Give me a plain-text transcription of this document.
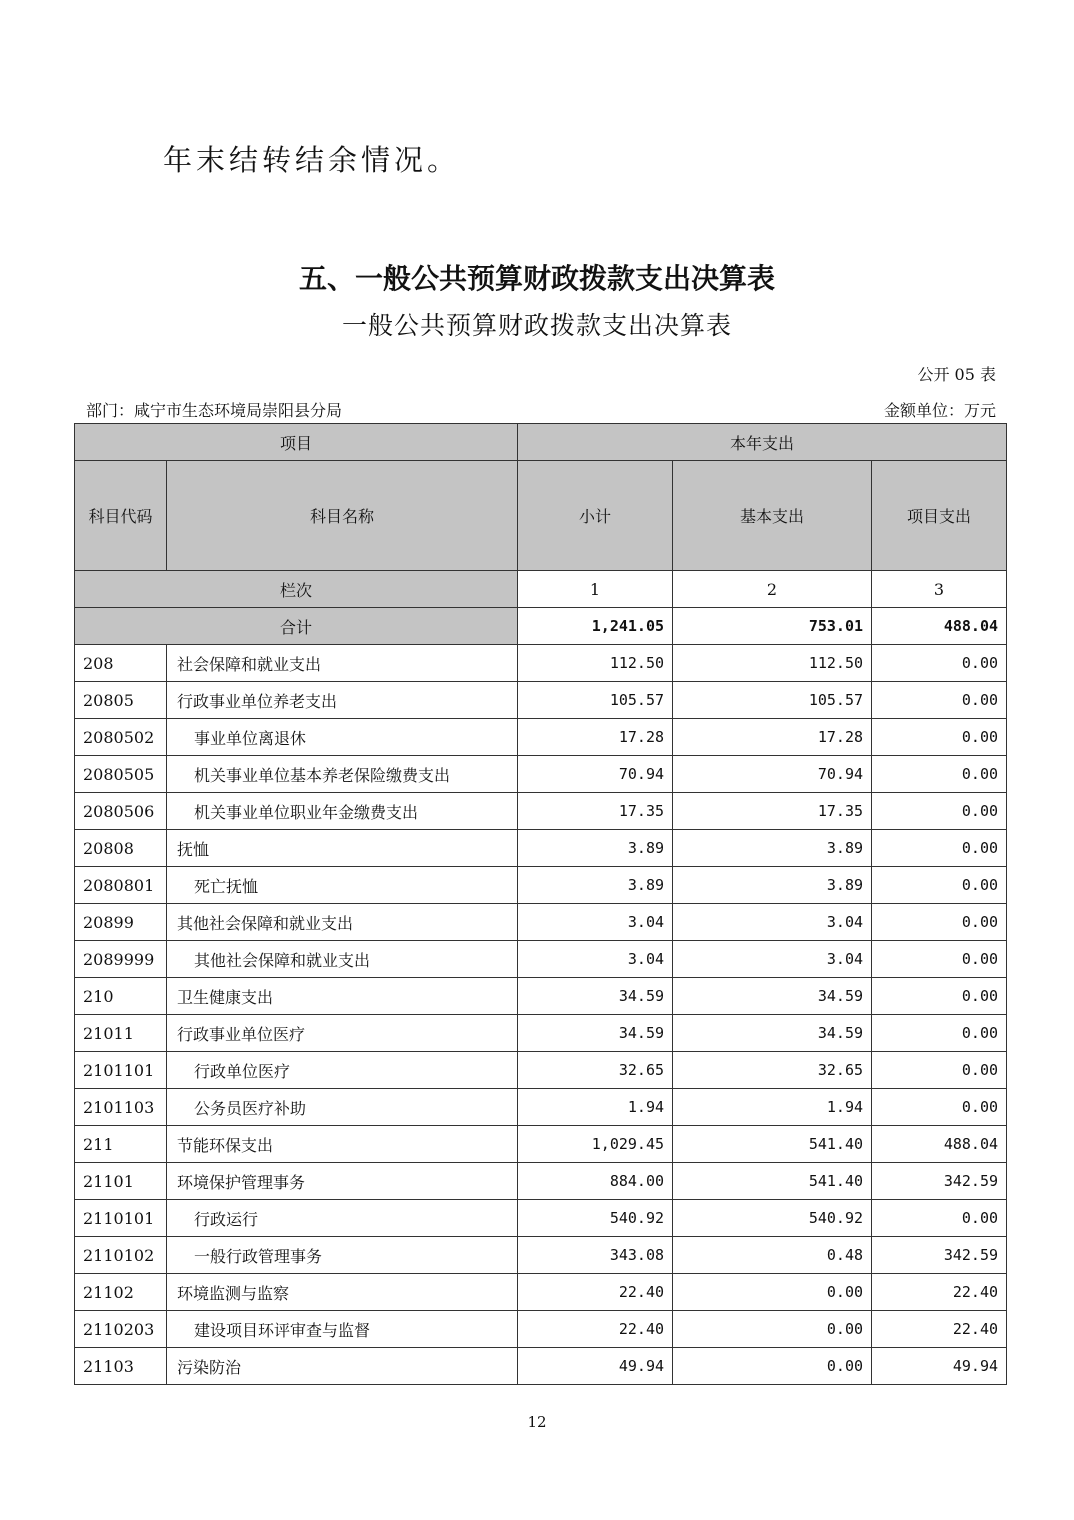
年末结转结余情况。
五、一般公共预算财政拨款支出决算表
一般公共预算财政拨款支出决算表
公开 05 表
部门：咸宁市生态环境局崇阳县分局	金额单位：万元
项目		本年支出		
科目代码	科目名称	小计	基本支出	项目支出
栏次		1	2	3
合计		1,241.05	753.01	488.04
208	社会保障和就业支出	112.50	112.50	0.00
20805	行政事业单位养老支出	105.57	105.57	0.00
2080502	事业单位离退休	17.28	17.28	0.00
2080505	机关事业单位基本养老保险缴费支出	70.94	70.94	0.00
2080506	机关事业单位职业年金缴费支出	17.35	17.35	0.00
20808	抚恤	3.89	3.89	0.00
2080801	死亡抚恤	3.89	3.89	0.00
20899	其他社会保障和就业支出	3.04	3.04	0.00
2089999	其他社会保障和就业支出	3.04	3.04	0.00
210	卫生健康支出	34.59	34.59	0.00
21011	行政事业单位医疗	34.59	34.59	0.00
2101101	行政单位医疗	32.65	32.65	0.00
2101103	公务员医疗补助	1.94	1.94	0.00
211	节能环保支出	1,029.45	541.40	488.04
21101	环境保护管理事务	884.00	541.40	342.59
2110101	行政运行	540.92	540.92	0.00
2110102	一般行政管理事务	343.08	0.48	342.59
21102	环境监测与监察	22.40	0.00	22.40
2110203	建设项目环评审查与监督	22.40	0.00	22.40
21103	污染防治	49.94	0.00	49.94
12
